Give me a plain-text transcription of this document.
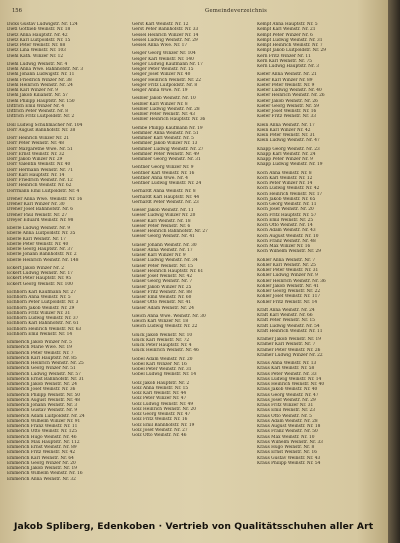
156	Gemeindeverzeichnis
Dicks Gustav Ludwigstr. Nr. 124
Dietl Gottlieb Weinstr. Nr. 18
Dietz Anna Hauptstr. Nr. 42
Dietz Karl Luitpoldstr. Nr. 15
Dietz Peter Weinstr. Nr. 88
Dietz Lina Weinstr. Nr. 103
Diehl Kath. Winzer Nr. 12
Diehl Ludwig Weinstr. Nr. 4
Diehl Anna Wwe. Bahnhofstr. Nr. 3
Diehl Johann Ludwigstr. Nr. 11
Diehl Friedrich Winzer Nr. 38
Diehl Heinrich Weinstr. Nr. 24
Diehl Karl Winzer Nr. 9
Diehl Jakob Kilianstr. Nr. 57
Diehl Philipp Hauptstr. Nr. 150
Dittrich Emil Winzer Nr. 4
Dittrich Peter Weinstr. Nr. 8
Dittrich Fritz Luitpoldstr. Nr. 2
Doll Ludwig Schuhmacher Nr. 104
Dörr August Bahnhofstr. Nr. 38
Dörr Heinrich Winzer Nr. 21
Dörr Peter Weinstr. Nr. 48
Dörr Margarethe Wwe. Nr. 51
Dörr Ernst Weinstr. Nr. 32
Dörr Jakob Winzer Nr. 29
Dörr Valentin Weinstr. Nr. 40
Dörr Hermann Weinstr. Nr. 71
Dörr Karl Hauptstr. Nr. 14
Dörr Friedrich Weinstr. Nr. 12
Dörr Heinrich Weinstr. Nr. 62
Dörrmann Emil Luitpoldstr. Nr. 4
Dreher Anna Wwe. Weinstr. Nr. 16
Dreher Karl Winzer Nr. 30
Dreher Josef Bahnhofstr. Nr. 6
Dreher Paul Weinstr. Nr. 27
Dreyer Eduard Weinstr. Nr. 98
Eberle Ludwig Weinstr. Nr. 9
Eberle Anna Luitpoldstr. Nr. 35
Eberle Karl Weinstr. Nr. 17
Eberle Peter Weinstr. Nr. 40
Eberle Georg Hauptstr. Nr. 37
Eberle Johann Bahnhofstr. Nr. 2
Eberle Heinrich Weinstr. Nr. 148
Eckert Jakob Winzer Nr. 2
Eckert Ludwig Weinstr. Nr. 17
Eckert Peter Hauptstr. Nr. 95
Eckert Georg Weinstr. Nr. 100
Eichhorn Karl Kaufmann Nr. 27
Eichhorn Anna Weinstr. Nr. 5
Eichhorn Peter Luitpoldstr. Nr. 3
Eichhorn Jakob Weinstr. Nr. 29
Eichhorn Fritz Winzer Nr. 31
Eichhorn Ludwig Weinstr. Nr. 37
Eichhorn Karl Bahnhofstr. Nr. 61
Eichhorn Heinrich Weinstr. Nr. 63
Eichhorn Emil Weinstr. Nr. 14
Emmerich Jakob Winzer Nr. 5
Emmerich Marie Wwe. Nr. 19
Emmerich Peter Weinstr. Nr. 7
Emmerich Karl Hauptstr. Nr. 85
Emmerich Heinrich Weinstr. Nr. 25
Emmerich Georg Winzer Nr. 51
Emmerich Ludwig Weinstr. Nr. 57
Emmerich Ernst Bahnhofstr. Nr. 31
Emmerich Jakob Weinstr. Nr. 24
Emmerich Josef Weinstr. Nr. 36
Emmerich Philipp Weinstr. Nr. 50
Emmerich August Weinstr. Nr. 48
Emmerich Johann Weinstr. Nr. 3
Emmerich Gustav Weinstr. Nr. 9
Emmerich Adam Luitpoldstr. Nr. 24
Emmerich Wilhelm Winzer Nr. 91
Emmerich Franz Weinstr. Nr. 11
Emmerich Otto Weinstr. Nr. 125
Emmerich Hugo Weinstr. Nr. 46
Emmerich Max Hauptstr. Nr. 112
Emmerich Ernst Weinstr. Nr. 89
Emmerich Fritz Weinstr. Nr. 42
Emmerich Karl Weinstr. Nr. 64
Emmerich Georg Winzer Nr. 20
Emmerich Jakob Weinstr. Nr. 19
Emmerich Wilhelm Weinstr. Nr. 16
Emmerich Anna Weinstr. Nr. 32
Gerst Karl Weinstr. Nr. 12
Gerst Peter Bahnhofstr. Nr. 33
Gessel Heinrich Winzer Nr. 14
Gessel Ludwig Weinstr. Nr. 29
Gessel Anna Wwe. Nr. 17
Geiger Georg Winzer Nr. 104
Geiger Karl Weinstr. Nr. 140
Geiger Ludwig Kaufmann Nr. 17
Geiger Peter Weinstr. Nr. 15
Geiger Josef Winzer Nr. 40
Geiger Heinrich Weinstr. Nr. 22
Geiger Fritz Luitpoldstr. Nr. 8
Geiger Anna Wwe. Nr. 19
Geißler Jakob Weinstr. Nr. 10
Geißler Karl Winzer Nr. 8
Geißler Ludwig Weinstr. Nr. 28
Geißler Peter Weinstr. Nr. 43
Geißler Heinrich Hauptstr. Nr. 36
Gembe Philipp Kaufmann Nr. 19
Gemmler Anna Weinstr. Nr. 51
Gemmler Karl Weinstr. Nr. 5
Gemmler Jakob Winzer Nr. 13
Gemmler Ludwig Weinstr. Nr. 27
Gemmler Peter Weinstr. Nr. 49
Gemmler Georg Weinstr. Nr. 31
Gentner Georg Winzer Nr. 9
Gentner Karl Weinstr. Nr. 16
Gentner Anna Wwe. Nr. 4
Gentner Ludwig Weinstr. Nr. 24
Gerhardt Anna Weinstr. Nr. 8
Gerhardt Karl Hauptstr. Nr. 44
Gerhardt Peter Weinstr. Nr. 23
Gieser Jakob Weinstr. Nr. 11
Gieser Ludwig Winzer Nr. 20
Gieser Karl Weinstr. Nr. 18
Gieser Peter Weinstr. Nr. 6
Gieser Heinrich Bahnhofstr. Nr. 27
Gieser Georg Weinstr. Nr. 41
Glaser Johann Weinstr. Nr. 30
Glaser Anna Weinstr. Nr. 17
Glaser Karl Winzer Nr. 9
Glaser Ludwig Weinstr. Nr. 34
Glaser Peter Weinstr. Nr. 15
Glaser Heinrich Hauptstr. Nr. 61
Glaser Josef Weinstr. Nr. 42
Glaser Georg Weinstr. Nr. 7
Glaser Jakob Winzer Nr. 25
Glaser Fritz Weinstr. Nr. 88
Glaser Emil Weinstr. Nr. 60
Glaser Otto Weinstr. Nr. 41
Glaser Adam Weinstr. Nr. 24
Gleich Anna Wwe. Weinstr. Nr. 30
Gleich Karl Winzer Nr. 18
Gleich Ludwig Weinstr. Nr. 22
Gluck Jakob Weinstr. Nr. 10
Gluck Karl Weinstr. Nr. 72
Gluck Peter Hauptstr. Nr. 4
Gluck Heinrich Weinstr. Nr. 46
Göbel Adam Weinstr. Nr. 20
Göbel Karl Winzer Nr. 16
Göbel Peter Weinstr. Nr. 31
Göbel Ludwig Weinstr. Nr. 14
Gölz Jakob Hauptstr. Nr. 2
Gölz Anna Weinstr. Nr. 15
Gölz Karl Weinstr. Nr. 44
Gölz Peter Winzer Nr. 47
Gölz Ludwig Weinstr. Nr. 49
Gölz Heinrich Weinstr. Nr. 20
Gölz Georg Weinstr. Nr. 47
Gölz Fritz Weinstr. Nr. 16
Gölz Emil Bahnhofstr. Nr. 19
Gölz Josef Weinstr. Nr. 27
Gölz Otto Weinstr. Nr. 46
Kempf Anna Hauptstr. Nr. 5
Kempf Karl Weinstr. Nr. 21
Kempf Peter Winzer Nr. 6
Kempf Ludwig Weinstr. Nr. 31
Kempf Heinrich Weinstr. Nr. 7
Kempf Jakob Luitpoldstr. Nr. 29
Kern Fritz Winzer Nr. 11
Kern Karl Weinstr. Nr. 75
Kern Ludwig Hauptstr. Nr. 3
Kiefer Anna Weinstr. Nr. 21
Kiefer Karl Winzer Nr. 89
Kiefer Peter Weinstr. Nr. 9
Kiefer Ludwig Weinstr. Nr. 40
Kiefer Heinrich Weinstr. Nr. 26
Kiefer Jakob Weinstr. Nr. 26
Kiefer Georg Weinstr. Nr. 59
Kiefer Josef Weinstr. Nr. 16
Kiefer Fritz Weinstr. Nr. 33
Klein Anna Weinstr. Nr. 17
Klein Karl Winzer Nr. 42
Klein Peter Weinstr. Nr. 31
Klein Ludwig Weinstr. Nr. 47
Knapp Georg Weinstr. Nr. 23
Knapp Karl Weinstr. Nr. 24
Knapp Peter Winzer Nr. 9
Knapp Ludwig Weinstr. Nr. 19
Koch Anna Weinstr. Nr. 8
Koch Karl Weinstr. Nr. 12
Koch Peter Winzer Nr. 14
Koch Ludwig Weinstr. Nr. 42
Koch Heinrich Weinstr. Nr. 17
Koch Jakob Weinstr. Nr. 65
Koch Georg Weinstr. Nr. 11
Koch Josef Weinstr. Nr. 20
Koch Fritz Hauptstr. Nr. 57
Koch Emil Weinstr. Nr. 25
Koch Otto Weinstr. Nr. 14
Koch Adam Weinstr. Nr. 43
Koch August Weinstr. Nr. 10
Koch Franz Weinstr. Nr. 48
Koch Max Winzer Nr. 16
Koch Wilhelm Weinstr. Nr. 29
Köhler Anna Weinstr. Nr. 7
Köhler Karl Weinstr. Nr. 25
Köhler Peter Weinstr. Nr. 31
Köhler Ludwig Winzer Nr. 9
Köhler Heinrich Weinstr. Nr. 36
Köhler Jakob Weinstr. Nr. 41
Köhler Georg Weinstr. Nr. 22
Köhler Josef Weinstr. Nr. 117
Köhler Fritz Weinstr. Nr. 14
Kraft Anna Weinstr. Nr. 24
Kraft Karl Weinstr. Nr. 66
Kraft Peter Weinstr. Nr. 15
Kraft Ludwig Weinstr. Nr. 54
Kraft Heinrich Weinstr. Nr. 11
Kramer Jakob Weinstr. Nr. 19
Kramer Karl Weinstr. Nr. 7
Kramer Peter Weinstr. Nr. 26
Kramer Ludwig Winzer Nr. 22
Kraus Anna Weinstr. Nr. 13
Kraus Karl Weinstr. Nr. 58
Kraus Peter Weinstr. Nr. 33
Kraus Ludwig Weinstr. Nr. 14
Kraus Heinrich Weinstr. Nr. 40
Kraus Jakob Weinstr. Nr. 40
Kraus Georg Weinstr. Nr. 47
Kraus Josef Weinstr. Nr. 29
Kraus Fritz Winzer Nr. 31
Kraus Emil Weinstr. Nr. 23
Kraus Otto Weinstr. Nr. 5
Kraus Adam Weinstr. Nr. 28
Kraus August Weinstr. Nr. 18
Kraus Franz Weinstr. Nr. 50
Kraus Max Weinstr. Nr. 10
Kraus Wilhelm Weinstr. Nr. 33
Kraus Hugo Weinstr. Nr. 8
Kraus Ernst Weinstr. Nr. 16
Kraus Gustav Weinstr. Nr. 43
Kraus Philipp Weinstr. Nr. 54
Jakob Spliberg, Edenkoben · Vertrieb von Qualitätsschuhen aller Art
